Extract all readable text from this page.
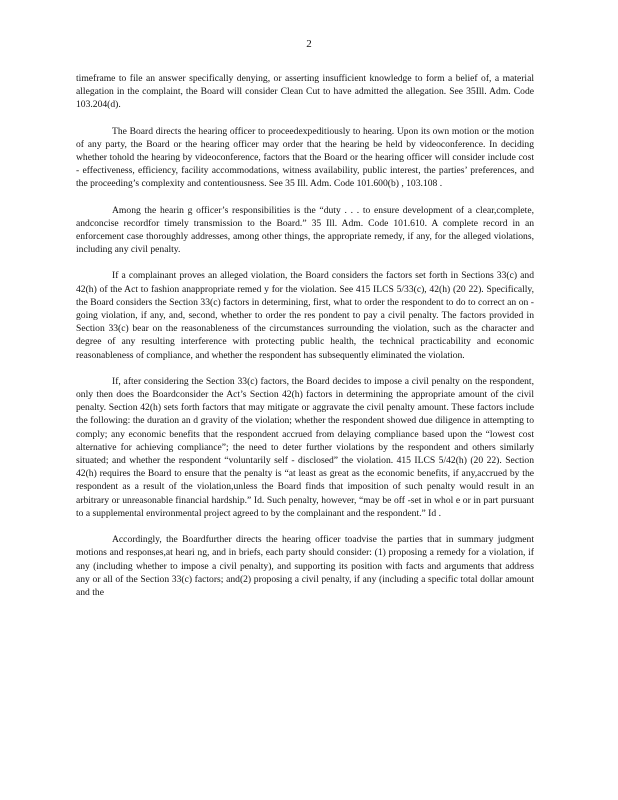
2

timeframe to file an answer specifically denying, or asserting insufficient knowledge to form a belief of, a material allegation in the complaint, the Board will consider Clean Cut to have admitted the allegation. See 35Ill. Adm. Code 103.204(d).

The Board directs the hearing officer to proceedexpeditiously to hearing. Upon its own motion or the motion of any party, the Board or the hearing officer may order that the hearing be held by videoconference. In deciding whether tohold the hearing by videoconference, factors that the Board or the hearing officer will consider include cost - effectiveness, efficiency, facility accommodations, witness availability, public interest, the parties’ preferences, and the proceeding’s complexity and contentiousness. See 35 Ill. Adm. Code 101.600(b) , 103.108 .

Among the hearin g officer’s responsibilities is the “duty . . . to ensure development of a clear,complete, andconcise recordfor timely transmission to the Board.” 35 Ill. Adm. Code 101.610. A complete record in an enforcement case thoroughly addresses, among other things, the appropriate remedy, if any, for the alleged violations, including any civil penalty.

If a complainant proves an alleged violation, the Board considers the factors set forth in Sections 33(c) and 42(h) of the Act to fashion anappropriate remed y for the violation. See 415 ILCS 5/33(c), 42(h) (20 22). Specifically, the Board considers the Section 33(c) factors in determining, first, what to order the respondent to do to correct an on - going violation, if any, and, second, whether to order the res pondent to pay a civil penalty. The factors provided in Section 33(c) bear on the reasonableness of the circumstances surrounding the violation, such as the character and degree of any resulting interference with protecting public health, the technical practicability and economic reasonableness of compliance, and whether the respondent has subsequently eliminated the violation.

If, after considering the Section 33(c) factors, the Board decides to impose a civil penalty on the respondent, only then does the Boardconsider the Act’s Section 42(h) factors in determining the appropriate amount of the civil penalty. Section 42(h) sets forth factors that may mitigate or aggravate the civil penalty amount. These factors include the following: the duration an d gravity of the violation; whether the respondent showed due diligence in attempting to comply; any economic benefits that the respondent accrued from delaying compliance based upon the “lowest cost alternative for achieving compliance”; the need to deter further violations by the respondent and others similarly situated; and whether the respondent “voluntarily self - disclosed” the violation. 415 ILCS 5/42(h) (20 22). Section 42(h) requires the Board to ensure that the penalty is “at least as great as the economic benefits, if any,accrued by the respondent as a result of the violation,unless the Board finds that imposition of such penalty would result in an arbitrary or unreasonable financial hardship.” Id. Such penalty, however, “may be off -set in whol e or in part pursuant to a supplemental environmental project agreed to by the complainant and the respondent.” Id .

Accordingly, the Boardfurther directs the hearing officer toadvise the parties that in summary judgment motions and responses,at heari ng, and in briefs, each party should consider: (1) proposing a remedy for a violation, if any (including whether to impose a civil penalty), and supporting its position with facts and arguments that address any or all of the Section 33(c) factors; and(2) proposing a civil penalty, if any (including a specific total dollar amount and the
